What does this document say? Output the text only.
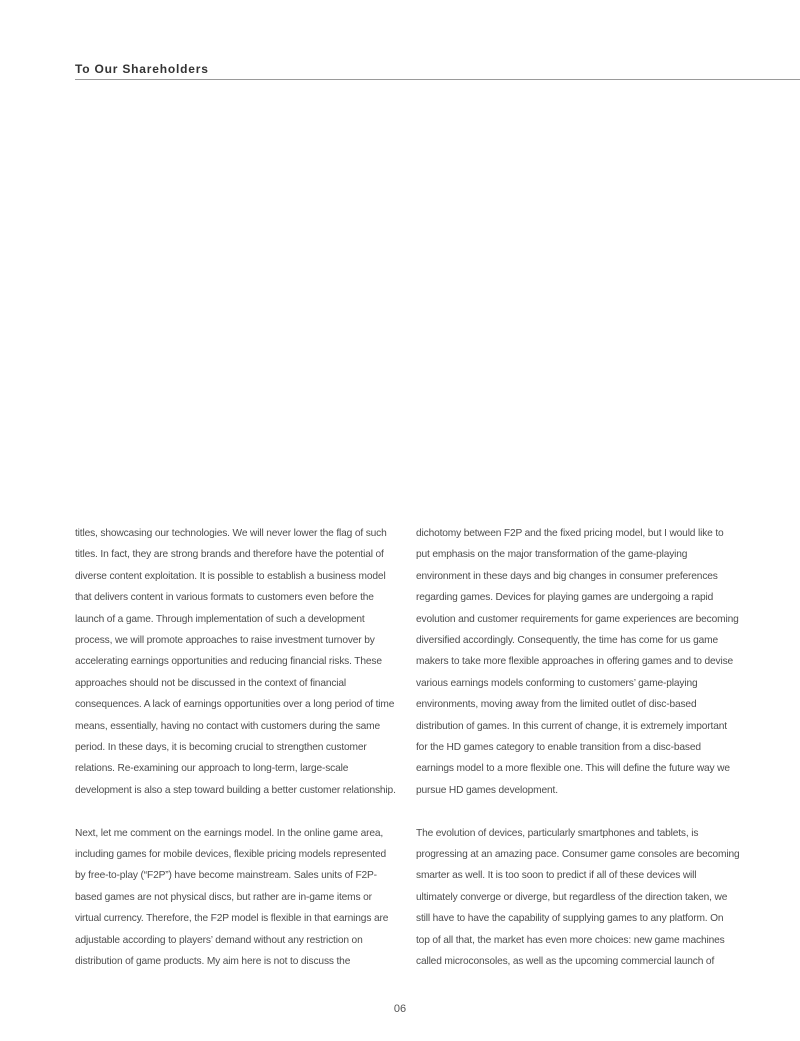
To Our Shareholders

titles, showcasing our technologies. We will never lower the flag of such
titles. In fact, they are strong brands and therefore have the potential of
diverse content exploitation. It is possible to establish a business model
that delivers content in various formats to customers even before the
launch of a game. Through implementation of such a development
process, we will promote approaches to raise investment turnover by
accelerating earnings opportunities and reducing financial risks. These
approaches should not be discussed in the context of financial
consequences. A lack of earnings opportunities over a long period of time
means, essentially, having no contact with customers during the same
period. In these days, it is becoming crucial to strengthen customer
relations. Re-examining our approach to long-term, large-scale
development is also a step toward building a better customer relationship.

Next, let me comment on the earnings model. In the online game area,
including games for mobile devices, flexible pricing models represented
by free-to-play (“F2P”) have become mainstream. Sales units of F2P-
based games are not physical discs, but rather are in-game items or
virtual currency. Therefore, the F2P model is flexible in that earnings are
adjustable according to players’ demand without any restriction on
distribution of game products. My aim here is not to discuss the

dichotomy between F2P and the fixed pricing model, but I would like to
put emphasis on the major transformation of the game-playing
environment in these days and big changes in consumer preferences
regarding games. Devices for playing games are undergoing a rapid
evolution and customer requirements for game experiences are becoming
diversified accordingly. Consequently, the time has come for us game
makers to take more flexible approaches in offering games and to devise
various earnings models conforming to customers’ game-playing
environments, moving away from the limited outlet of disc-based
distribution of games. In this current of change, it is extremely important
for the HD games category to enable transition from a disc-based
earnings model to a more flexible one. This will define the future way we
pursue HD games development.

The evolution of devices, particularly smartphones and tablets, is
progressing at an amazing pace. Consumer game consoles are becoming
smarter as well. It is too soon to predict if all of these devices will
ultimately converge or diverge, but regardless of the direction taken, we
still have to have the capability of supplying games to any platform. On
top of all that, the market has even more choices: new game machines
called microconsoles, as well as the upcoming commercial launch of

06
